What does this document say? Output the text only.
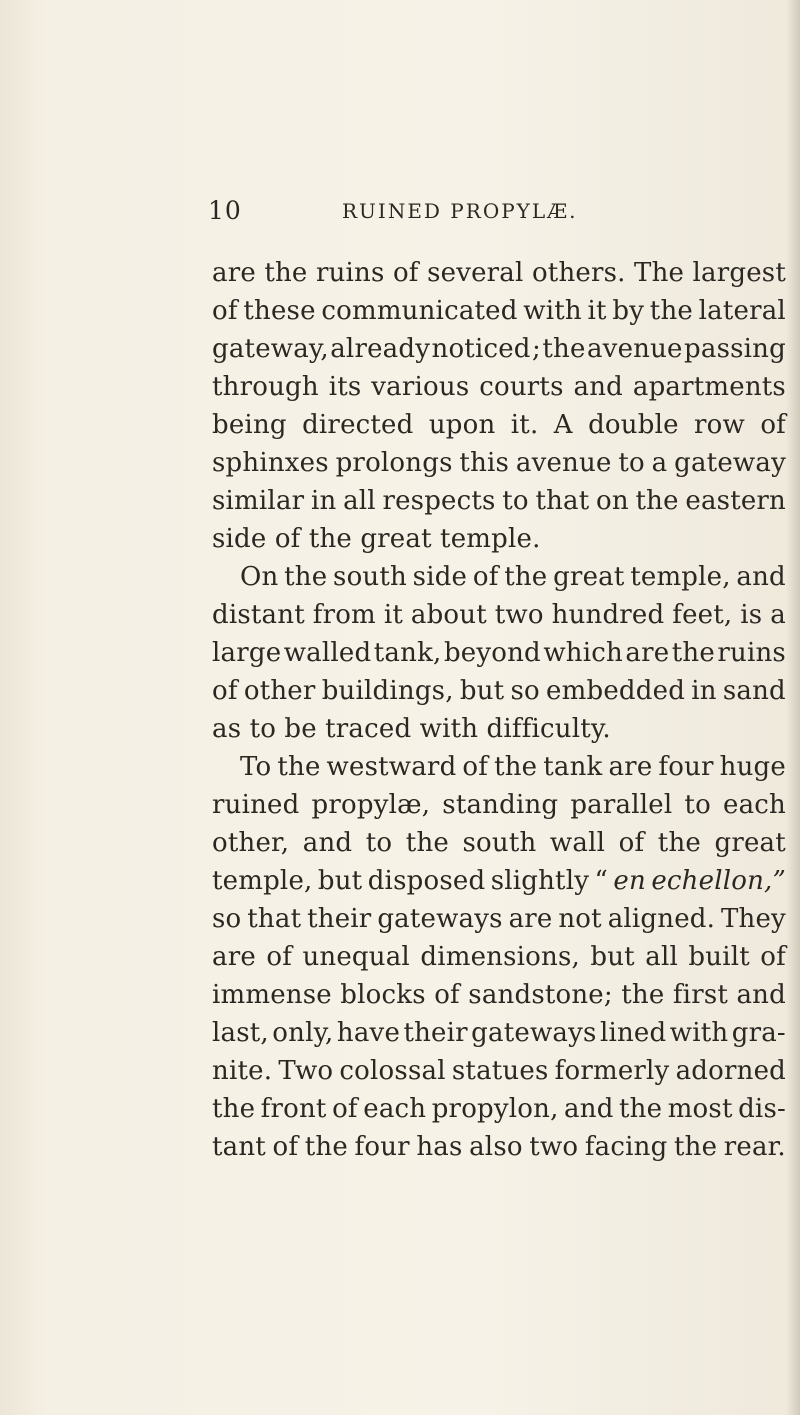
10	RUINED PROPYLÆ.
are the ruins of several others. The largest
of these communicated with it by the lateral
gateway, already noticed ; the avenue passing
through its various courts and apartments
being directed upon it. A double row of
sphinxes prolongs this avenue to a gateway
similar in all respects to that on the eastern
side of the great temple.
On the south side of the great temple, and
distant from it about two hundred feet, is a
large walled tank, beyond which are the ruins
of other buildings, but so embedded in sand
as to be traced with difficulty.
To the westward of the tank are four huge
ruined propylæ, standing parallel to each
other, and to the south wall of the great
temple, but disposed slightly “ en echellon,”
so that their gateways are not aligned. They
are of unequal dimensions, but all built of
immense blocks of sandstone; the first and
last, only, have their gateways lined with gra-
nite. Two colossal statues formerly adorned
the front of each propylon, and the most dis-
tant of the four has also two facing the rear.
